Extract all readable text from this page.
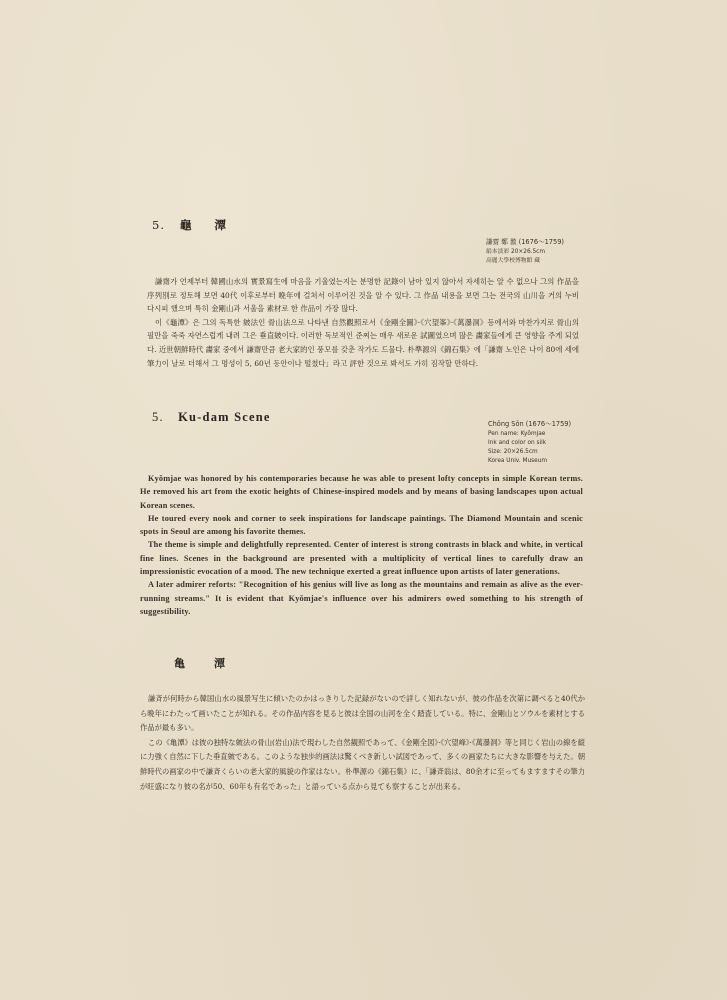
5. 龜 潭
謙齋 鄭 敾 (1676～1759)
絹本淡彩 20×26.5cm
高麗大學校博物館 藏

謙齋가 언제부터 韓國山水의 實景寫生에 마음을 기울였는지는 분명한 記錄이 남아 있지 않아서 자세히는 알 수 없으나 그의 作品을 序列別로 정토해 보면 40代 이후로부터 晩年에 걸쳐서 이루어진 것을 알 수 있다. 그 作品 내용을 보면 그는 전국의 山川을 거의 누비다시피 했으며 특히 金剛山과 서울을 素材로 한 作品이 가장 많다.

이《龜潭》은 그의 독특한 皴法인 骨山法으로 나타낸 自然觀照로서《金剛全圖》·《穴望峯》·《萬瀑洞》등에서와 마찬가지로 骨山의 필만을 죽죽 자연스럽게 내려 그은 垂直皴이다. 이러한 독보적인 준찌는 매우 새로운 試圖였으며 많은 畵家들에게 큰 영향을 주게 되었다. 近世朝鮮時代 畵家 중에서 謙齋만큼 老大家的인 풍모를 갖춘 작가도 드물다. 朴準源의《錦石集》에「謙齋 노인은 나이 80에 세에 筆力이 날로 더해서 그 명성이 5, 60년 동안이나 떨쳤다」라고 評한 것으로 봐서도 가히 짐작할 만하다.

5. Ku-dam Scene	Chǒng Sǒn (1676～1759)
Pen name: Kyǒmjae
Ink and color on silk
Size: 20×26.5cm
Korea Univ. Museum

Kyǒmjae was honored by his contemporaries because he was able to present lofty concepts in simple Korean terms. He removed his art from the exotic heights of Chinese-inspired models and by means of basing landscapes upon actual Korean scenes.

He toured every nook and corner to seek inspirations for landscape paintings. The Diamond Mountain and scenic spots in Seoul are among his favorite themes.

The theme is simple and delightfully represented. Center of interest is strong contrasts in black and white, in vertical fine lines. Scenes in the background are presented with a multiplicity of vertical lines to carefully draw an impressionistic evocation of a mood. The new technique exerted a great influence upon artists of later generations.

A later admirer reforts: "Recognition of his genius will live as long as the mountains and remain as alive as the ever-running streams." It is evident that Kyǒmjae's influence over his admirers owed something to his strength of suggestibility.

亀	潭

謙斉が何時から韓国山水の風景写生に傾いたのかはっきりした記録がないので詳しく知れないが、彼の作品を次第に調べると40代から晩年にわたって画いたことが知れる。その作品内容を見ると彼は全国の山河を全く踏査している。特に、金剛山とソウルを素材とする作品が最も多い。

この《亀潭》は彼の独特な皴法の骨山(岩山)法で現わした自然観照であって、《金剛全図》·《穴望峰》·《萬瀑洞》等と同じく岩山の線を縦に力強く自然に下した垂直皴である。このような独歩的画法は驚くべき新しい試図であって、多くの画家たちに大きな影響を与えた。朝鮮時代の画家の中で謙斉くらいの老大家的風貌の作家はない。朴準源の《錦石集》に、「謙斉翁は、80余才に至ってもますますその筆力が旺盛になり彼の名が50、60年も有名であった」と語っている点から見ても察することが出来る。
